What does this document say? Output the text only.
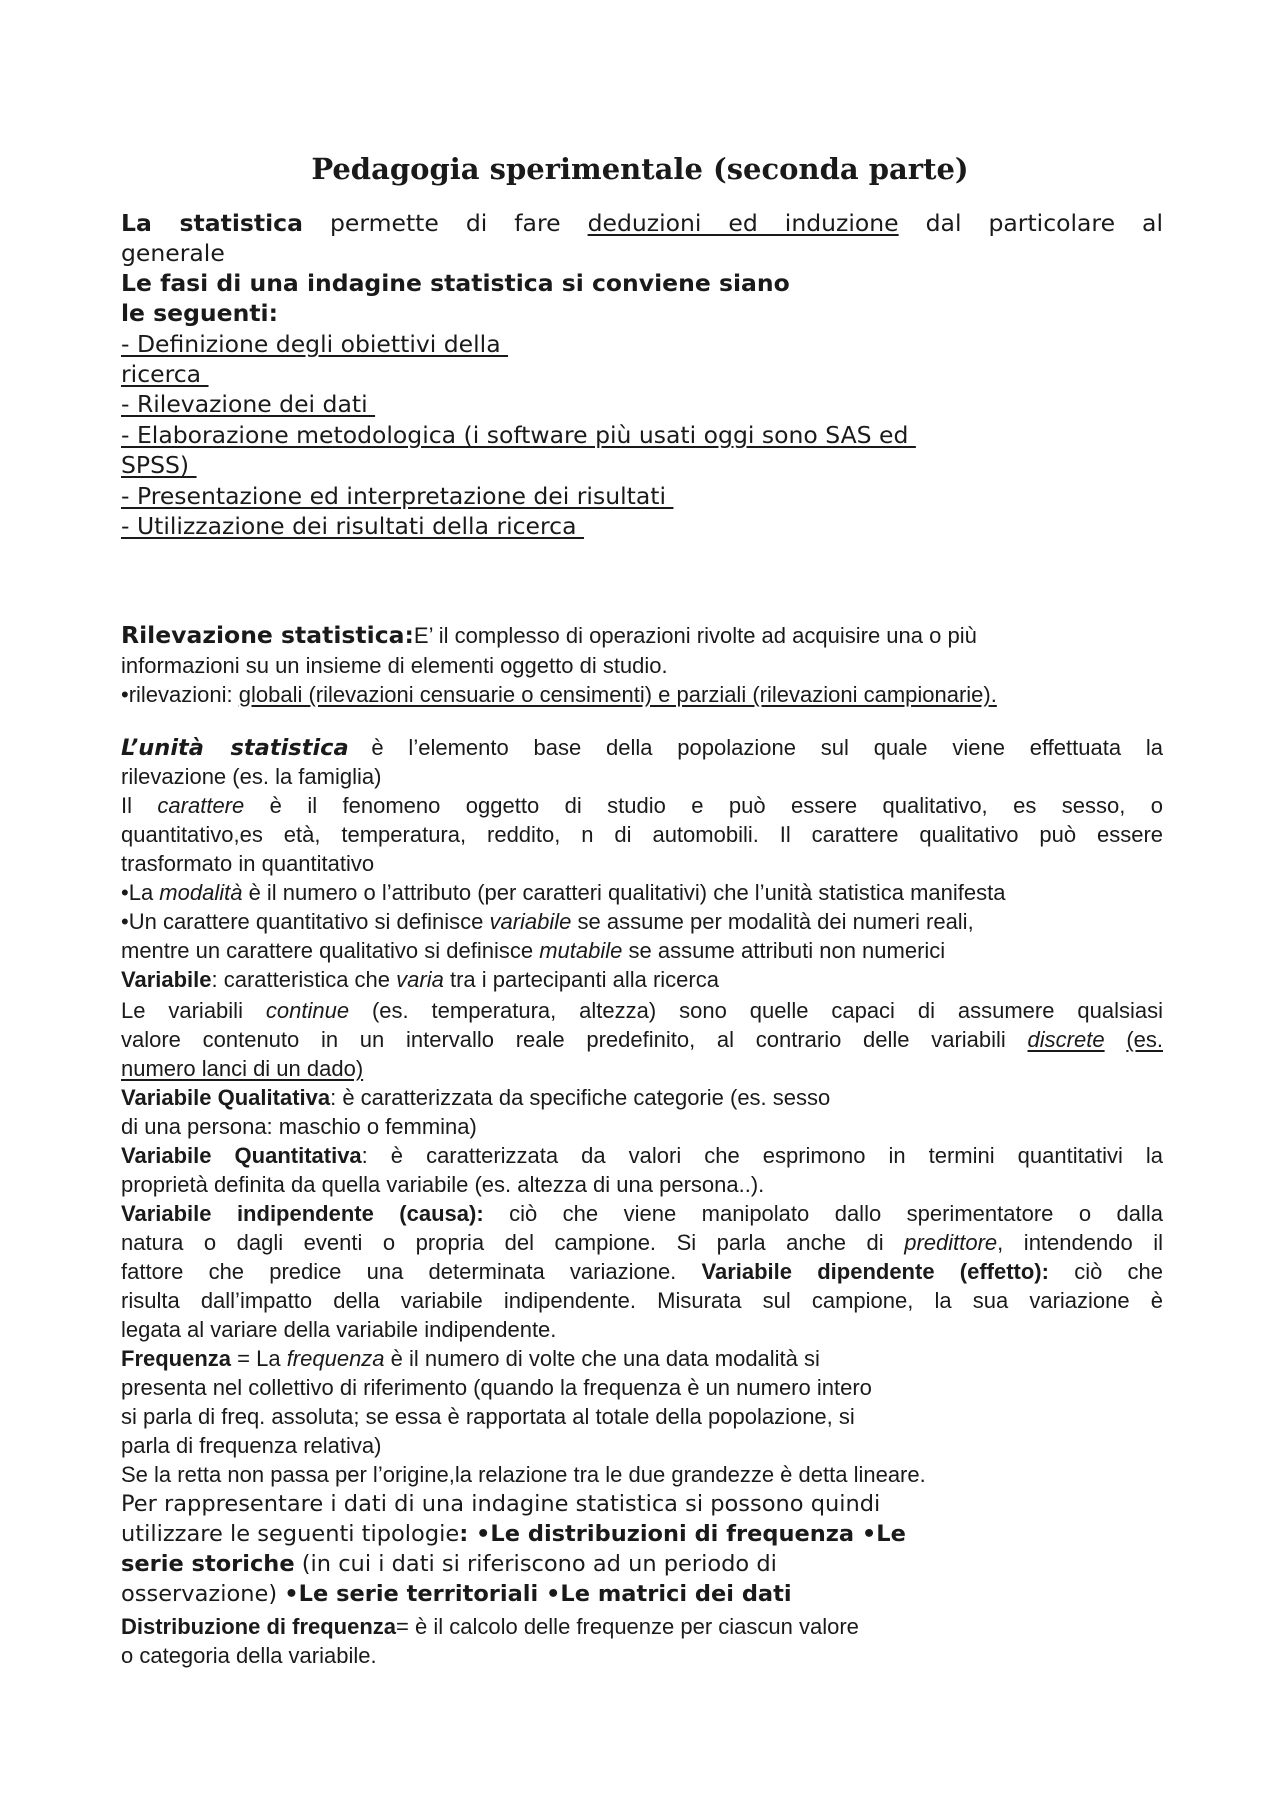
Pedagogia sperimentale (seconda parte)
La statistica permette di fare deduzioni ed induzione dal particolare al
generale
Le fasi di una indagine statistica si conviene siano
le seguenti:
- Definizione degli obiettivi della
ricerca
- Rilevazione dei dati
- Elaborazione metodologica (i software più usati oggi sono SAS ed
SPSS)
- Presentazione ed interpretazione dei risultati
- Utilizzazione dei risultati della ricerca
Rilevazione statistica:E’ il complesso di operazioni rivolte ad acquisire una o più
informazioni su un insieme di elementi oggetto di studio.
•rilevazioni: globali (rilevazioni censuarie o censimenti) e parziali (rilevazioni campionarie).
L’unità statistica è l’elemento base della popolazione sul quale viene effettuata la
rilevazione (es. la famiglia)
Il carattere è il fenomeno oggetto di studio e può essere qualitativo, es sesso, o
quantitativo,es età, temperatura, reddito, n di automobili. Il carattere qualitativo può essere
trasformato in quantitativo
•La modalità è il numero o l’attributo (per caratteri qualitativi) che l’unità statistica manifesta
•Un carattere quantitativo si definisce variabile se assume per modalità dei numeri reali,
mentre un carattere qualitativo si definisce mutabile se assume attributi non numerici
Variabile: caratteristica che varia tra i partecipanti alla ricerca
Le variabili continue (es. temperatura, altezza) sono quelle capaci di assumere qualsiasi
valore contenuto in un intervallo reale predefinito, al contrario delle variabili discrete (es.
numero lanci di un dado)
Variabile Qualitativa: è caratterizzata da specifiche categorie (es. sesso
di una persona: maschio o femmina)
Variabile Quantitativa: è caratterizzata da valori che esprimono in termini quantitativi la
proprietà definita da quella variabile (es. altezza di una persona..).
Variabile indipendente (causa): ciò che viene manipolato dallo sperimentatore o dalla
natura o dagli eventi o propria del campione. Si parla anche di predittore, intendendo il
fattore che predice una determinata variazione. Variabile dipendente (effetto): ciò che
risulta dall’impatto della variabile indipendente. Misurata sul campione, la sua variazione è
legata al variare della variabile indipendente.
Frequenza = La frequenza è il numero di volte che una data modalità si
presenta nel collettivo di riferimento (quando la frequenza è un numero intero
si parla di freq. assoluta; se essa è rapportata al totale della popolazione, si
parla di frequenza relativa)
Se la retta non passa per l’origine,la relazione tra le due grandezze è detta lineare.
Per rappresentare i dati di una indagine statistica si possono quindi
utilizzare le seguenti tipologie: •Le distribuzioni di frequenza •Le
serie storiche (in cui i dati si riferiscono ad un periodo di
osservazione) •Le serie territoriali •Le matrici dei dati
Distribuzione di frequenza= è il calcolo delle frequenze per ciascun valore
o categoria della variabile.
